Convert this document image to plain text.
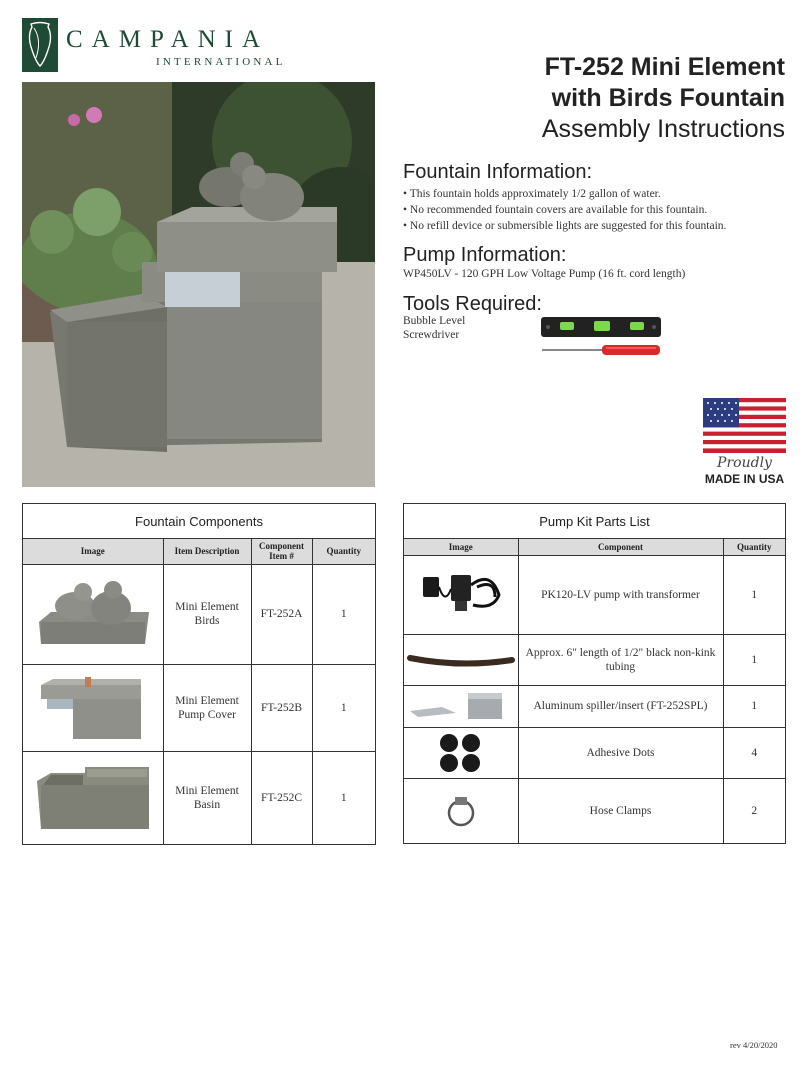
CAMPANIA
INTERNATIONAL	FT-252 Mini Element
with Birds Fountain
Assembly Instructions
Fountain Information:
• This fountain holds approximately 1/2 gallon of water.
• No recommended fountain covers are available for this fountain.
• No refill device or submersible lights are suggested for this fountain.
Pump Information:
WP450LV - 120 GPH Low Voltage Pump (16 ft. cord length)
Tools Required:
Bubble Level
Screwdriver
Proudly
MADE IN USA
Fountain Components
Image	Item Description	Component Item #	Quantity

	Mini Element Birds	FT-252A	1

	Mini Element Pump Cover	FT-252B	1

	Mini Element Basin	FT-252C	1
Pump Kit Parts List
Image	Component	Quantity

	PK120-LV pump with transformer	1

	Approx. 6" length of 1/2" black non-kink tubing	1

	Aluminum spiller/insert (FT-252SPL)	1

	Adhesive Dots	4

	Hose Clamps	2
rev 4/20/2020
